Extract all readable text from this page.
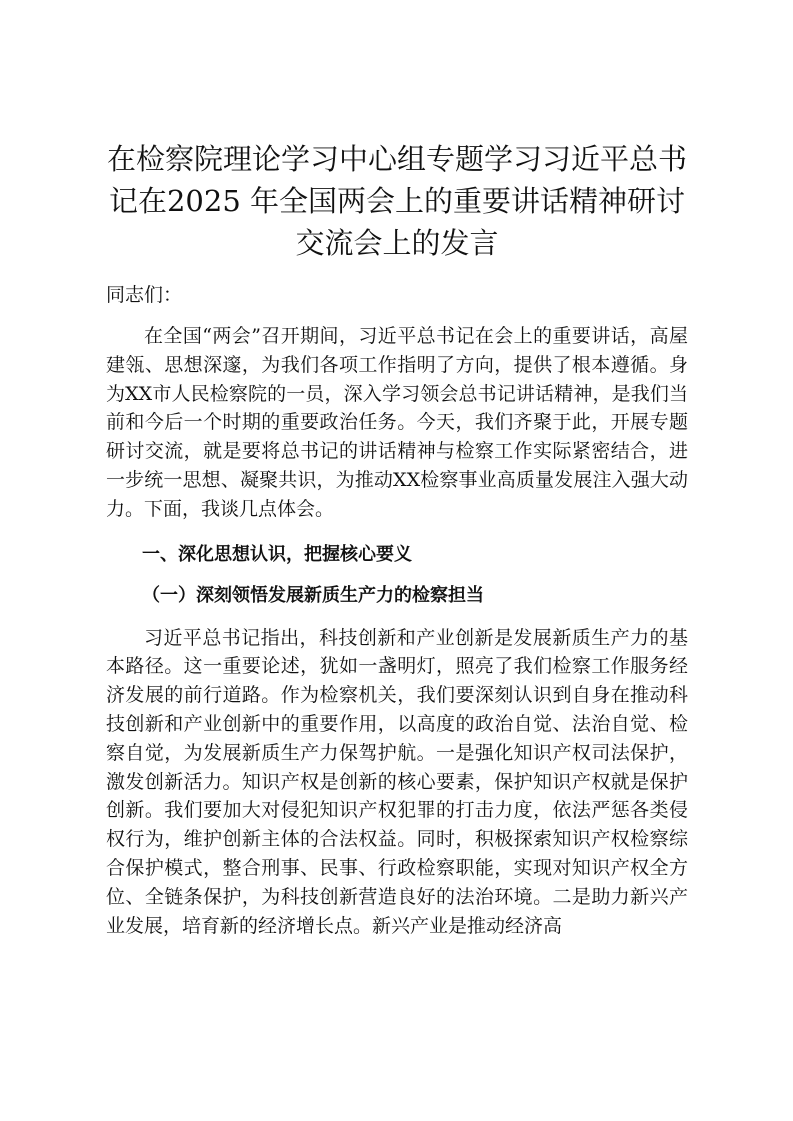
在检察院理论学习中心组专题学习习近平总书记在2025 年全国两会上的重要讲话精神研讨交流会上的发言

同志们：

在全国“两会”召开期间，习近平总书记在会上的重要讲话，高屋建瓴、思想深邃，为我们各项工作指明了方向，提供了根本遵循。身为XX市人民检察院的一员，深入学习领会总书记讲话精神，是我们当前和今后一个时期的重要政治任务。今天，我们齐聚于此，开展专题研讨交流，就是要将总书记的讲话精神与检察工作实际紧密结合，进一步统一思想、凝聚共识，为推动XX检察事业高质量发展注入强大动力。下面，我谈几点体会。

一、深化思想认识，把握核心要义

（一）深刻领悟发展新质生产力的检察担当

习近平总书记指出，科技创新和产业创新是发展新质生产力的基本路径。这一重要论述，犹如一盏明灯，照亮了我们检察工作服务经济发展的前行道路。作为检察机关，我们要深刻认识到自身在推动科技创新和产业创新中的重要作用，以高度的政治自觉、法治自觉、检察自觉，为发展新质生产力保驾护航。一是强化知识产权司法保护，激发创新活力。知识产权是创新的核心要素，保护知识产权就是保护创新。我们要加大对侵犯知识产权犯罪的打击力度，依法严惩各类侵权行为，维护创新主体的合法权益。同时，积极探索知识产权检察综合保护模式，整合刑事、民事、行政检察职能，实现对知识产权全方位、全链条保护，为科技创新营造良好的法治环境。二是助力新兴产业发展，培育新的经济增长点。新兴产业是推动经济高
